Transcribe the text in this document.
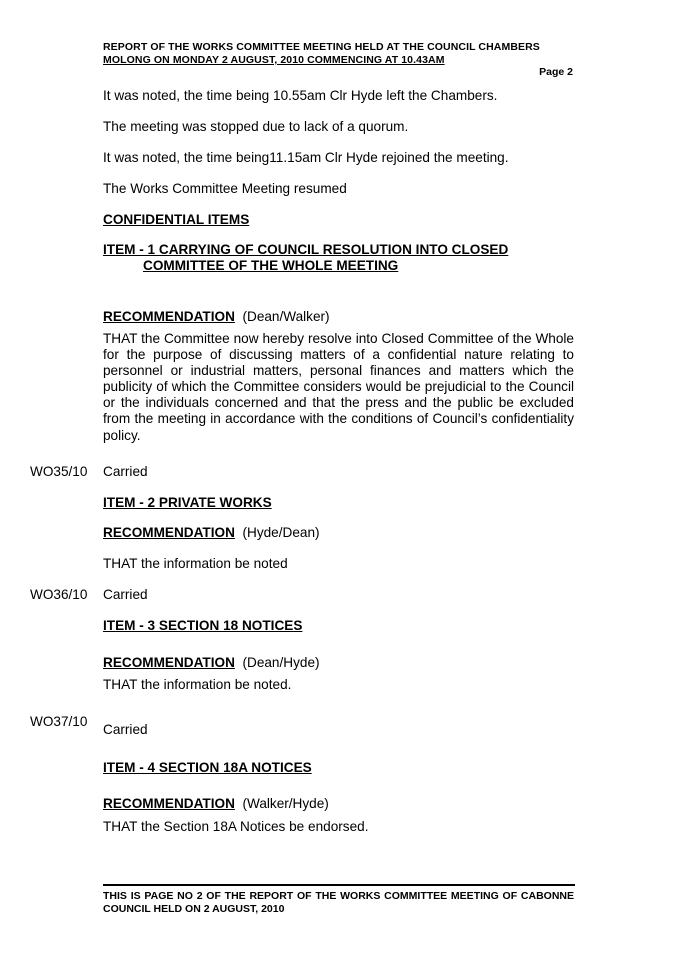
REPORT OF THE WORKS COMMITTEE MEETING HELD AT THE COUNCIL CHAMBERS
MOLONG ON MONDAY 2 AUGUST, 2010 COMMENCING AT 10.43AM
Page 2
It was noted, the time being 10.55am Clr Hyde left the Chambers.
The meeting was stopped due to lack of a quorum.
It was noted, the time being11.15am Clr Hyde rejoined the meeting.
The Works Committee Meeting resumed
CONFIDENTIAL ITEMS
ITEM - 1 CARRYING OF COUNCIL RESOLUTION INTO CLOSED
COMMITTEE OF THE WHOLE MEETING
RECOMMENDATION (Dean/Walker)
THAT the Committee now hereby resolve into Closed Committee of the Whole for the purpose of discussing matters of a confidential nature relating to personnel or industrial matters, personal finances and matters which the publicity of which the Committee considers would be prejudicial to the Council or the individuals concerned and that the press and the public be excluded from the meeting in accordance with the conditions of Council’s confidentiality policy.
WO35/10 Carried
ITEM - 2 PRIVATE WORKS
RECOMMENDATION (Hyde/Dean)
THAT the information be noted
WO36/10 Carried
ITEM - 3 SECTION 18 NOTICES
RECOMMENDATION (Dean/Hyde)
THAT the information be noted.
WO37/10
Carried
ITEM - 4 SECTION 18A NOTICES
RECOMMENDATION (Walker/Hyde)
THAT the Section 18A Notices be endorsed.
THIS IS PAGE NO 2 OF THE REPORT OF THE WORKS COMMITTEE MEETING OF CABONNE COUNCIL HELD ON 2 AUGUST, 2010
